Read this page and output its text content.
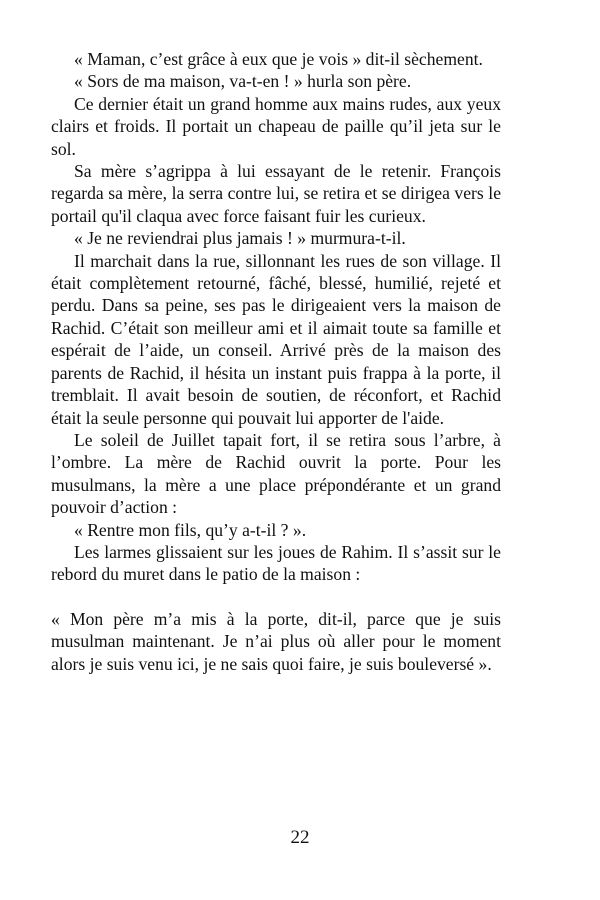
« Maman, c’est grâce à eux que je vois » dit-il sèchement.

« Sors de ma maison, va-t-en ! » hurla son père.

Ce dernier était un grand homme aux mains rudes, aux yeux clairs et froids. Il portait un chapeau de paille qu’il jeta sur le sol.

Sa mère s’agrippa à lui essayant de le retenir. François regarda sa mère, la serra contre lui, se retira et se dirigea vers le portail qu'il claqua avec force faisant fuir les curieux.

« Je ne reviendrai plus jamais ! » murmura-t-il.

Il marchait dans la rue, sillonnant les rues de son village. Il était complètement retourné, fâché, blessé, humilié, rejeté et perdu. Dans sa peine, ses pas le dirigeaient vers la maison de Rachid. C’était son meilleur ami et il aimait toute sa famille et espérait de l’aide, un conseil. Arrivé près de la maison des parents de Rachid, il hésita un instant puis frappa à la porte, il tremblait. Il avait besoin de soutien, de réconfort, et Rachid était la seule personne qui pouvait lui apporter de l'aide.

Le soleil de Juillet tapait fort, il se retira sous l’arbre, à l’ombre. La mère de Rachid ouvrit la porte. Pour les musulmans, la mère a une place prépondérante et un grand pouvoir d’action :

« Rentre mon fils, qu’y a-t-il ? ».

Les larmes glissaient sur les joues de Rahim. Il s’assit sur le rebord du muret dans le patio de la maison :

« Mon père m’a mis à la porte, dit-il, parce que je suis musulman maintenant. Je n’ai plus où aller pour le moment alors je suis venu ici, je ne sais quoi faire, je suis bouleversé ».

22
